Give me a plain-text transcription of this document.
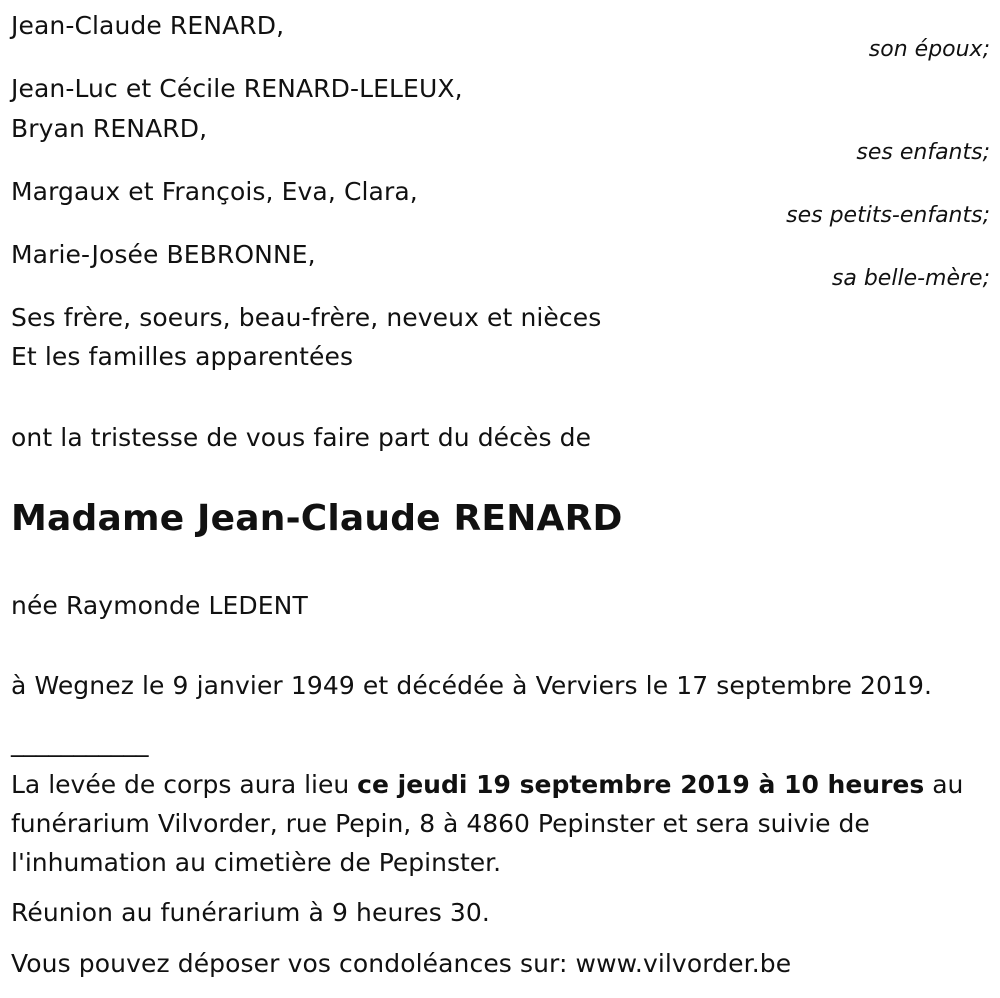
Jean-Claude RENARD,
son époux;
Jean-Luc et Cécile RENARD-LELEUX,
Bryan RENARD,
ses enfants;
Margaux et François, Eva, Clara,
ses petits-enfants;
Marie-Josée BEBRONNE,
sa belle-mère;
Ses frère, soeurs, beau-frère, neveux et nièces
Et les familles apparentées
ont la tristesse de vous faire part du décès de
Madame Jean-Claude RENARD
née Raymonde LEDENT
à Wegnez le 9 janvier 1949 et décédée à Verviers le 17 septembre 2019.
___________
La levée de corps aura lieu ce jeudi 19 septembre 2019 à 10 heures au funérarium Vilvorder, rue Pepin, 8 à 4860 Pepinster et sera suivie de l'inhumation au cimetière de Pepinster.
Réunion au funérarium à 9 heures 30.
Vous pouvez déposer vos condoléances sur: www.vilvorder.be
